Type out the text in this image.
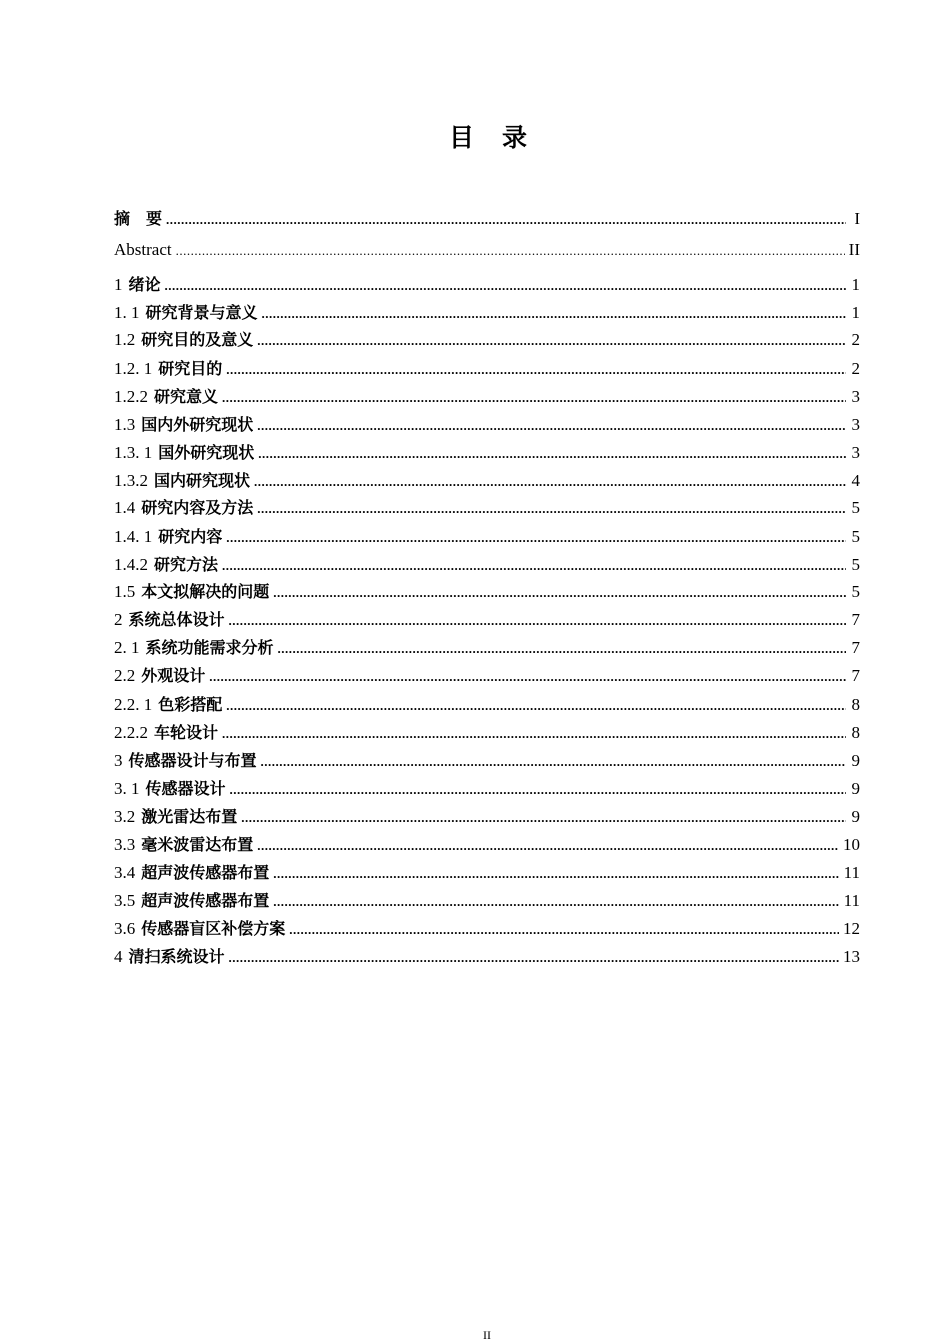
目 录
摘　要 .....	I
Abstract .....	II
1 绪论 .....	1
1. 1 研究背景与意义 .....	1
1.2 研究目的及意义 .....	2
1.2. 1 研究目的 .....	2
1.2.2 研究意义 .....	3
1.3 国内外研究现状 .....	3
1.3. 1 国外研究现状 .....	3
1.3.2 国内研究现状 .....	4
1.4 研究内容及方法 .....	5
1.4. 1 研究内容 .....	5
1.4.2 研究方法 .....	5
1.5 本文拟解决的问题 .....	5
2 系统总体设计 .....	7
2. 1 系统功能需求分析 .....	7
2.2 外观设计 .....	7
2.2. 1 色彩搭配 .....	8
2.2.2 车轮设计 .....	8
3 传感器设计与布置 .....	9
3. 1 传感器设计 .....	9
3.2 激光雷达布置 .....	9
3.3 毫米波雷达布置 .....	10
3.4 超声波传感器布置 .....	11
3.5 超声波传感器布置 .....	11
3.6 传感器盲区补偿方案 .....	12
4 清扫系统设计 .....	13
II
